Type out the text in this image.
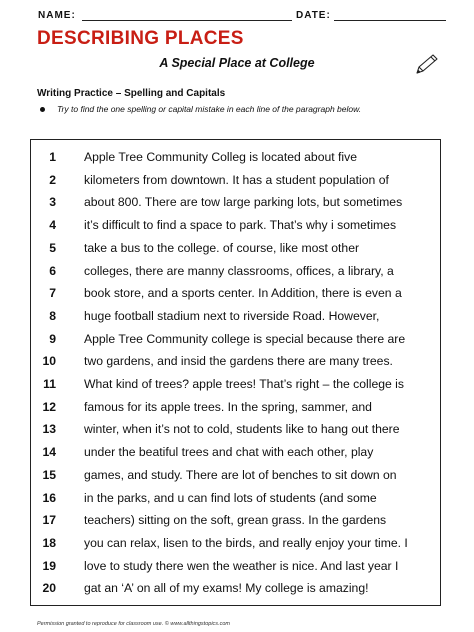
NAME:	DATE:
DESCRIBING PLACES
A Special Place at College
Writing Practice – Spelling and Capitals
Try to find the one spelling or capital mistake in each line of the paragraph below.
1 Apple Tree Community Colleg is located about five
2 kilometers from downtown. It has a student population of
3 about 800. There are tow large parking lots, but sometimes
4 it’s difficult to find a space to park. That’s why i sometimes
5 take a bus to the college. of course, like most other
6 colleges, there are manny classrooms, offices, a library, a
7 book store, and a sports center. In Addition, there is even a
8 huge football stadium next to riverside Road. However,
9 Apple Tree Community college is special because there are
10 two gardens, and insid the gardens there are many trees.
11 What kind of trees? apple trees! That’s right – the college is
12 famous for its apple trees. In the spring, sammer, and
13 winter, when it’s not to cold, students like to hang out there
14 under the beatiful trees and chat with each other, play
15 games, and study. There are lot of benches to sit down on
16 in the parks, and u can find lots of students (and some
17 teachers) sitting on the soft, grean grass. In the gardens
18 you can relax, lisen to the birds, and really enjoy your time. I
19 love to study there wen the weather is nice. And last year I
20 gat an ‘A’ on all of my exams! My college is amazing!
Permission granted to reproduce for classroom use. © www.allthingstopics.com
